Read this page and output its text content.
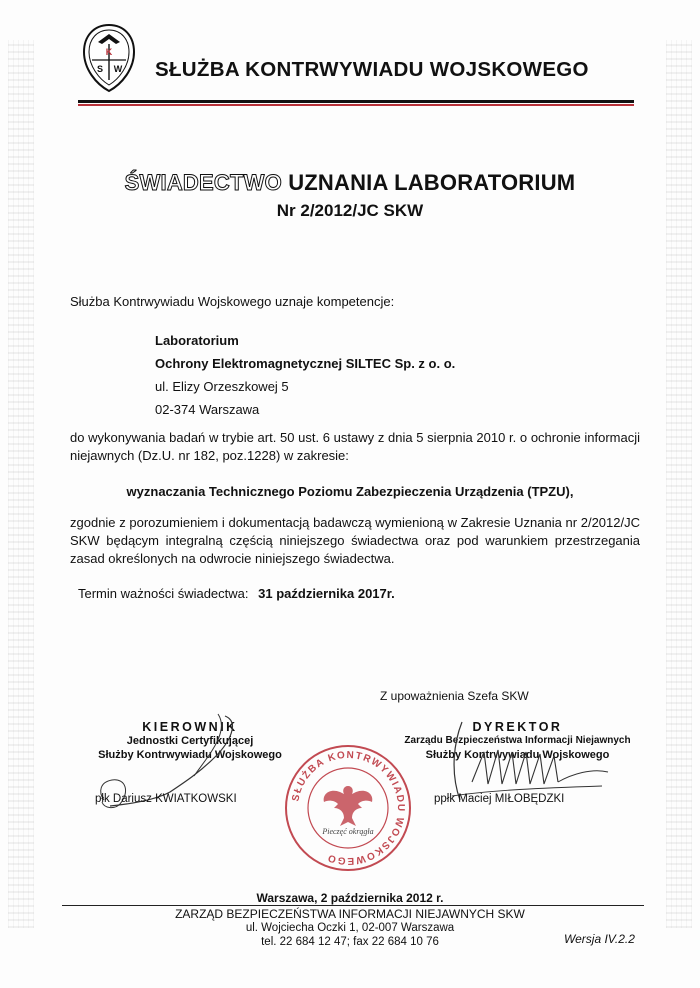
K
S W SŁUŻBA KONTRWYWIADU WOJSKOWEGO
ŚWIADECTWO UZNANIA LABORATORIUM
Nr 2/2012/JC SKW
Służba Kontrwywiadu Wojskowego uznaje kompetencje:
Laboratorium
Ochrony Elektromagnetycznej SILTEC Sp. z o. o.
ul. Elizy Orzeszkowej 5
02-374 Warszawa
do wykonywania badań w trybie art. 50 ust. 6 ustawy z dnia 5 sierpnia 2010 r. o ochronie informacji niejawnych (Dz.U. nr 182, poz.1228) w zakresie:
wyznaczania Technicznego Poziomu Zabezpieczenia Urządzenia (TPZU),
zgodnie z porozumieniem i dokumentacją badawczą wymienioną w Zakresie Uznania nr 2/2012/JC SKW będącym integralną częścią niniejszego świadectwa oraz pod warunkiem przestrzegania zasad określonych na odwrocie niniejszego świadectwa.
Termin ważności świadectwa: 31 października 2017r.
Z upoważnienia Szefa SKW
KIEROWNIK
Jednostki Certyfikującej
Służby Kontrwywiadu Wojskowego
DYREKTOR
Zarządu Bezpieczeństwa Informacji Niejawnych
Służby Kontrwywiadu Wojskowego
płk Dariusz KWIATKOWSKI	ppłk Maciej MIŁOBĘDZKI
SŁUŻBA KONTRWYWIADU WOJSKOWEGO
Pieczęć okrągła
Warszawa, 2 października 2012 r.
ZARZĄD BEZPIECZEŃSTWA INFORMACJI NIEJAWNYCH SKW
ul. Wojciecha Oczki 1, 02-007 Warszawa
tel. 22 684 12 47; fax 22 684 10 76	Wersja IV.2.2
